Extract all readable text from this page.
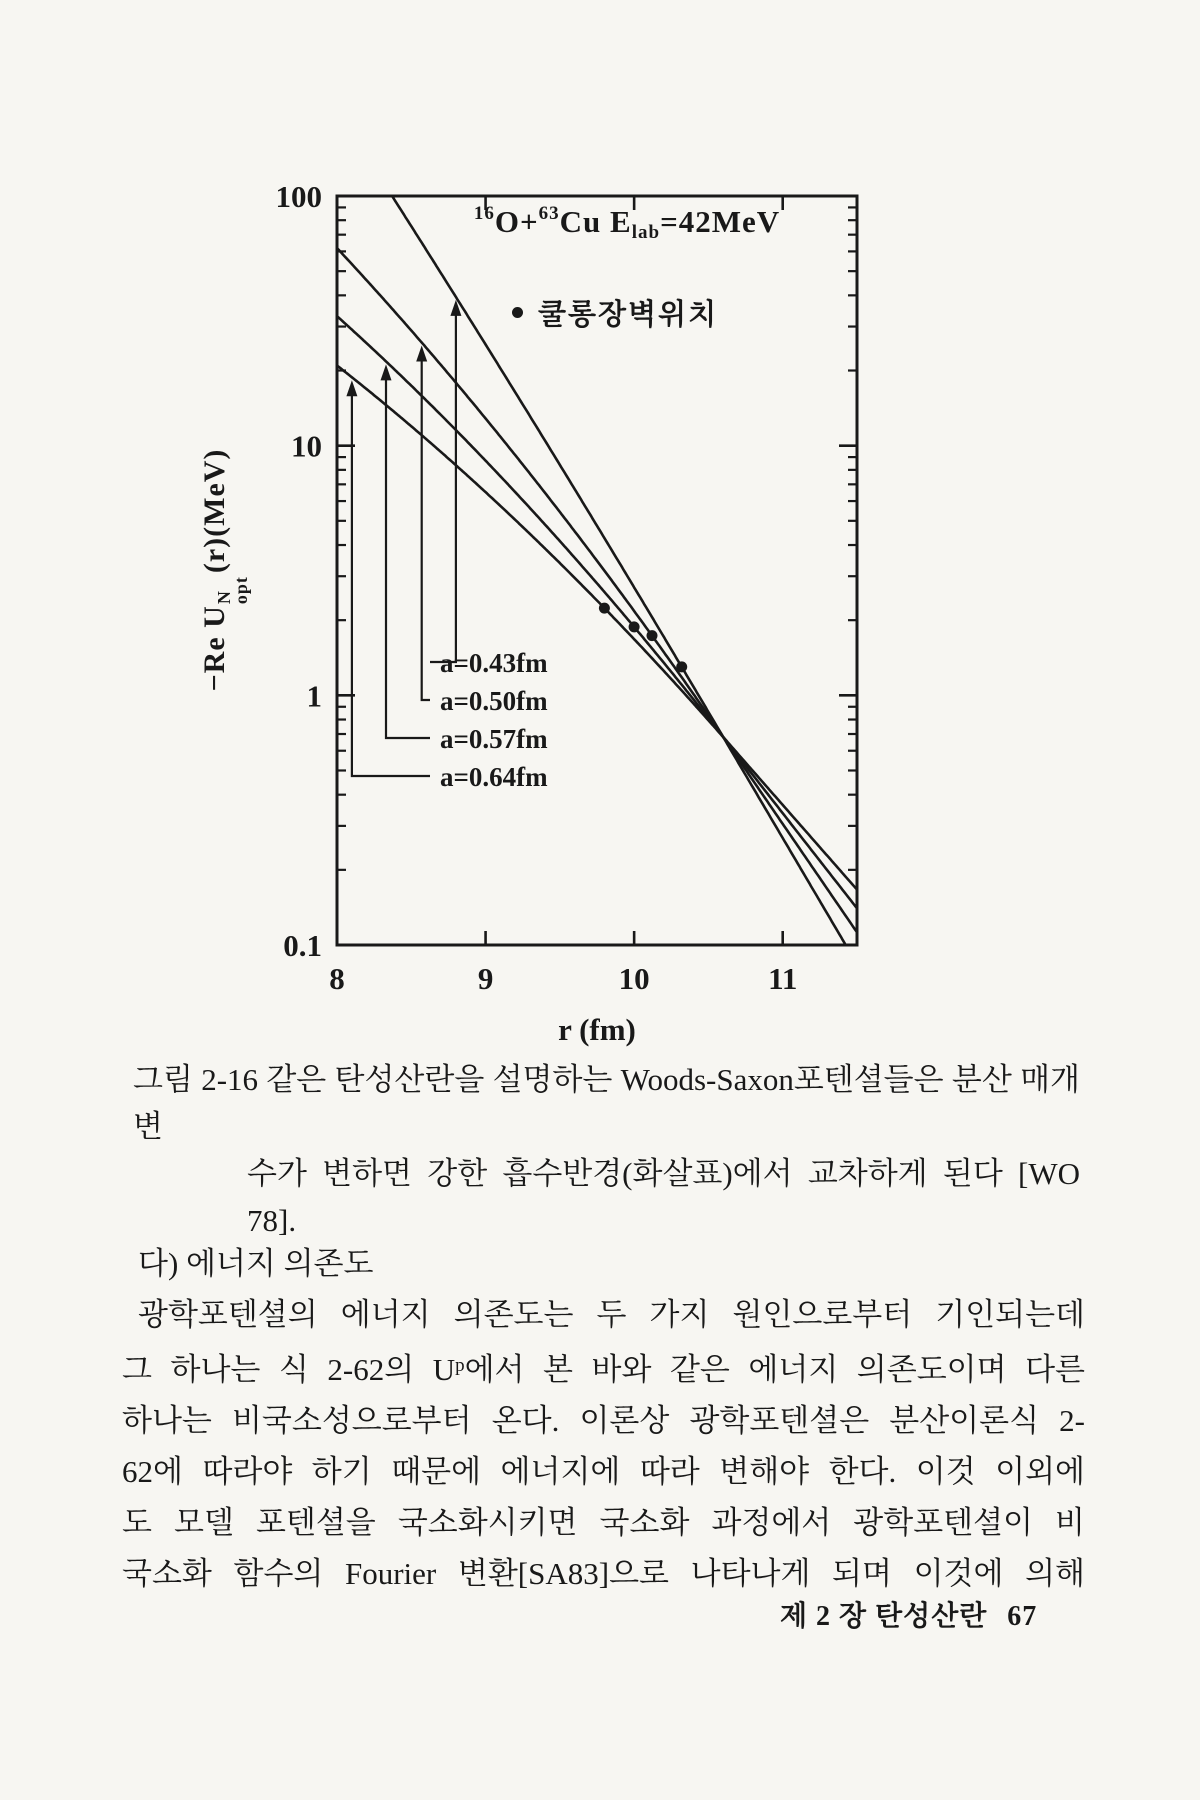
100
10
1
0.1
8	9	10	11
r (fm)
a=0.43fm
a=0.50fm
a=0.57fm
a=0.64fm
$^{16}$O+$^{63}$Cu $E_{lab}=42MeV$
쿨롱장벽위치
−Re U
N
opt
(r)(MeV)
그림 2-16 같은 탄성산란을 설명하는 Woods-Saxon포텐셜들은 분산 매개변
수가 변하면 강한 흡수반경(화살표)에서 교차하게 된다 [WO
78].
다) 에너지 의존도
광학포텐셜의 에너지 의존도는 두 가지 원인으로부터 기인되는데
그 하나는 식 2-62의 $U^p$에서 본 바와 같은 에너지 의존도이며 다른
하나는 비국소성으로부터 온다. 이론상 광학포텐셜은 분산이론식 2-
62에 따라야 하기 때문에 에너지에 따라 변해야 한다. 이것 이외에
도 모델 포텐셜을 국소화시키면 국소화 과정에서 광학포텐셜이 비
국소화 함수의 Fourier 변환[SA83]으로 나타나게 되며 이것에 의해
제 2 장 탄성산란 67
